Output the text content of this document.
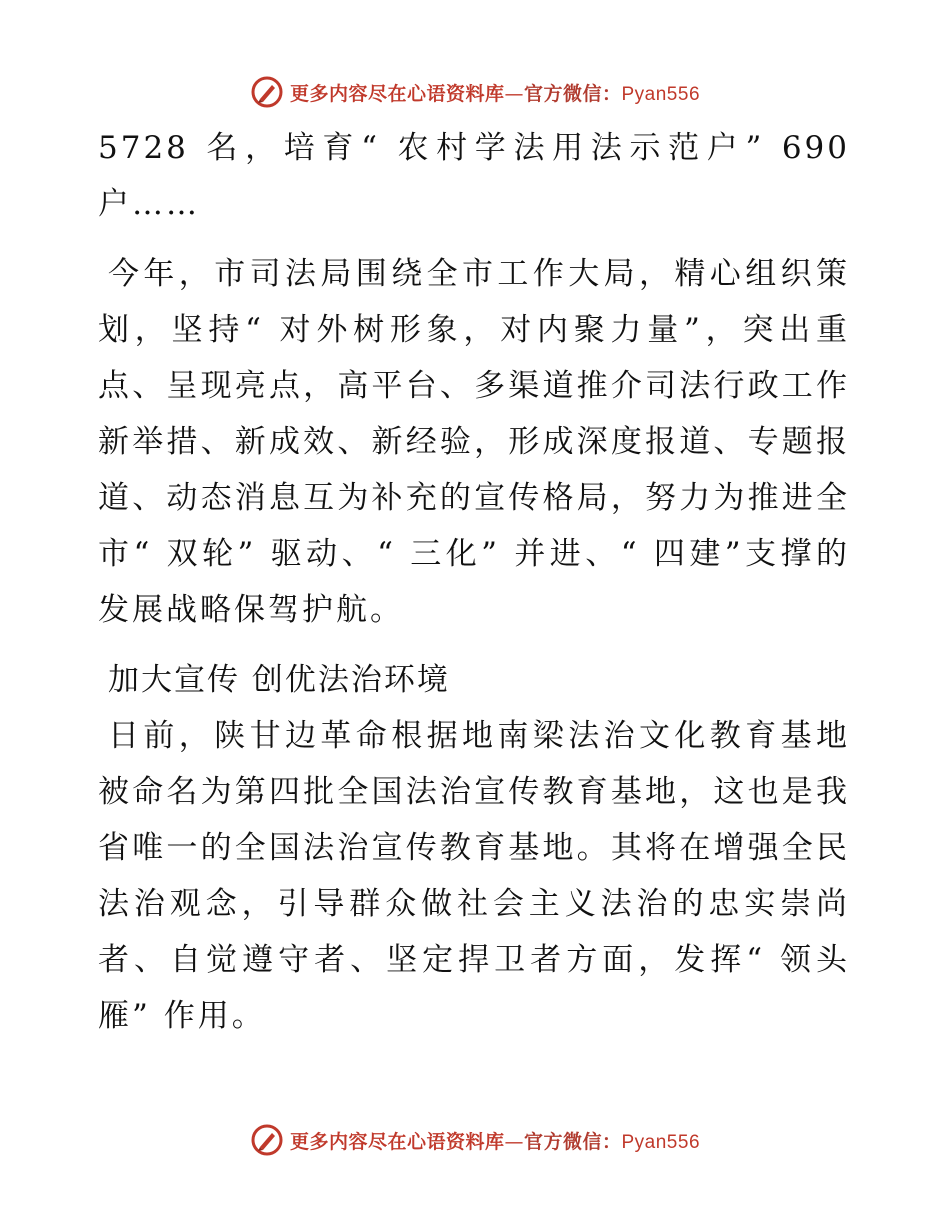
更多内容尽在心语资料库—官方微信：Pyan556

5728 名，培育“ 农村学法用法示范户” 690 户……

今年，市司法局围绕全市工作大局，精心组织策划，坚持“ 对外树形象，对内聚力量”，突出重点、呈现亮点，高平台、多渠道推介司法行政工作新举措、新成效、新经验，形成深度报道、专题报道、动态消息互为补充的宣传格局，努力为推进全市“ 双轮” 驱动、“ 三化” 并进、“ 四建”支撑的发展战略保驾护航。

加大宣传 创优法治环境

日前，陕甘边革命根据地南梁法治文化教育基地被命名为第四批全国法治宣传教育基地，这也是我省唯一的全国法治宣传教育基地。其将在增强全民法治观念，引导群众做社会主义法治的忠实崇尚者、自觉遵守者、坚定捍卫者方面，发挥“ 领头雁” 作用。

更多内容尽在心语资料库—官方微信：Pyan556
